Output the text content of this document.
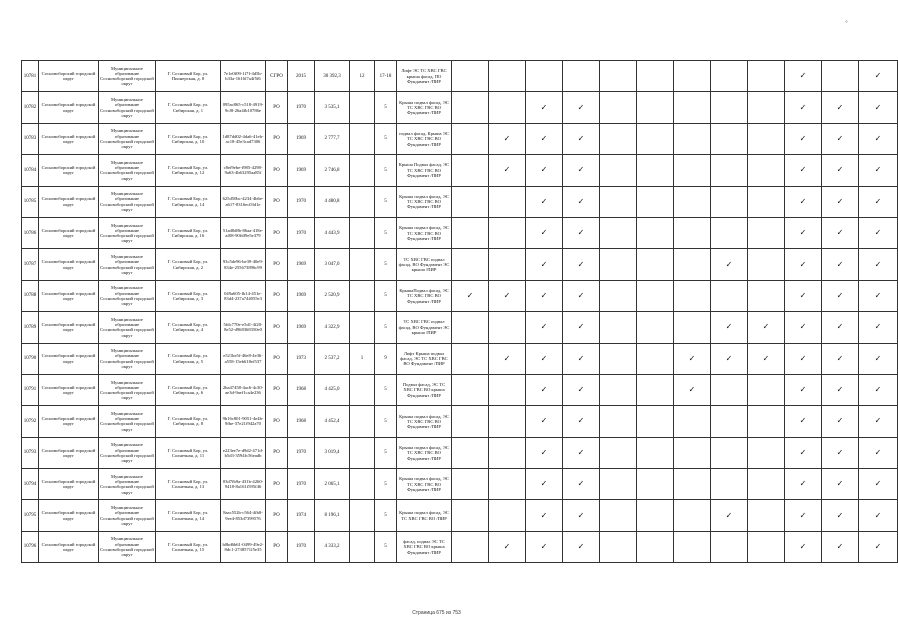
°
10781	Сосновоборский городской округ	Муниципальное образование Сосновоборский городской округ	Г. Сосновый Бор, ул. Пионерская, д. 8	7e1e0f09-1f7f-4d5b-b33a-1616f7a4f5f6	СГРО	2015	30 392,3	12	17-18	Лифт ЭС ТС ХВС ГВС крыша фасад, ПО Фундамент /ПИР										✓		✓
10782	Сосновоборский городской округ	Муниципальное образование Сосновоборский городской округ	Г. Сосновый Бор, ул. Сибирская, д. 1	095ac865-c518-4919-9cf8-26a4fb10786e	РО	1970	3 535,1		5	Крыша подвал фасад, ЭС ТС ХВС ГВС ВО Фундамент /ПИР			✓	✓						✓	✓	✓
10783	Сосновоборский городской округ	Муниципальное образование Сосновоборский городской округ	Г. Сосновый Бор, ул. Сибирская, д. 10	1d87dd02-4da6-41eb-ac18-45e3cad7306	РО	1969	2 777,7		5	подвал фасад, Крыша ЭС ТС ХВС ГВС ВО Фундамент /ПИР		✓	✓	✓						✓	✓	✓
10784	Сосновоборский городской округ	Муниципальное образование Сосновоборский городской округ	Г. Сосновый Бор, ул. Сибирская, д. 12	c8ef9ebe-f985-4298-9a63-4b63295aa85f	РО	1969	2 746,8		5	Крыша Подвал фасад, ЭС ТС ХВС ГВС ВО Фундамент /ПИР		✓	✓	✓						✓	✓	✓
10785	Сосновоборский городской округ	Муниципальное образование Сосновоборский городской округ	Г. Сосновый Бор, ул. Сибирская, д. 14	625d50bc-4234-4b6e-a617-8316ec03d1e	РО	1970	4 480,8		5	Крыша подвал фасад, ЭС ТС ХВС ГВС ВО Фундамент /ПИР			✓	✓						✓	✓	✓
10786	Сосновоборский городской округ	Муниципальное образование Сосновоборский городской округ	Г. Сосновый Бор, ул. Сибирская, д. 16	51ad8d8b-86aa-418e-af08-90fdf9e5e379	РО	1970	4 443,9		5	Крыша подвал фасад, ЭС ТС ХВС ГВС ВО Фундамент /ПИР			✓	✓						✓	✓	✓
10787	Сосновоборский городской округ	Муниципальное образование Сосновоборский городской округ	Г. Сосновый Бор, ул. Сибирская, д. 2	93c5de96-be39-40e9-834e-255673896c99	РО	1969	3 047,0		5	ТС ХВС ГВС подвал фасад, ВО Фундамент ЭС крыша /ПИР			✓	✓				✓		✓	✓	✓
10788	Сосновоборский городской округ	Муниципальное образование Сосновоборский городской округ	Г. Сосновый Бор, ул. Сибирская, д. 3	049a605-fb14-451e-83d4-237a744055e3	РО	1969	2 520,9		5	КрышаПодвал фасад, ЭС ТС ХВС ГВС ВО Фундамент /ПИР	✓	✓	✓	✓						✓	✓	✓
10789	Сосновоборский городской округ	Муниципальное образование Сосновоборский городской округ	Г. Сосновый Бор, ул. Сибирская, д. 4	5fdc770e-e5d1-4f20-8e52-d968368350e0	РО	1969	4 322,9		5	ТС ХВС ГВС подвал фасад, ВО Фундамент ЭС крыша /ПИР			✓	✓				✓	✓	✓	✓	✓
10790	Сосновоборский городской округ	Муниципальное образование Сосновоборский городской округ	Г. Сосновый Бор, ул. Сибирская, д. 5	e521be5f-46e8-4e36-a558-15eb618ef537	РО	1973	2 537,2	1	9	Лифт Крыша подвал фасад, ЭС ТС ХВС ГВС ВО Фундамент /ПИР		✓	✓	✓			✓	✓	✓	✓	✓	✓
10791	Сосновоборский городской округ	Муниципальное образование Сосновоборский городской округ	Г. Сосновый Бор, ул. Сибирская, д. 6	2ba47458-4ac6-4c30-ae3d-9aef1ca4e236	РО	1968	4 425,0		5	Подвал фасад, ЭС ТС ХВС ГВС ВО крыша Фундамент /ПИР			✓	✓			✓			✓	✓	✓
10792	Сосновоборский городской округ	Муниципальное образование Сосновоборский городской округ	Г. Сосновый Бор, ул. Сибирская, д. 8	9b16c801-9051-4e4b-9fbe-37e21f942a70	РО	1968	4 452,4		5	Крыша подвал фасад, ЭС ТС ХВС ГВС ВО Фундамент /ПИР			✓	✓						✓	✓	✓
10793	Сосновоборский городской округ	Муниципальное образование Сосновоборский городской округ	Г. Сосновый Бор, ул. Солнечная, д. 11	e223ee7e-d9d2-471d-b5d3-3594fc56eadb	РО	1970	3 019,4		5	Крыша подвал фасад, ЭС ТС ХВС ГВС ВО Фундамент /ПИР			✓	✓						✓	✓	✓
10794	Сосновоборский городской округ	Муниципальное образование Сосновоборский городской округ	Г. Сосновый Бор, ул. Солнечная, д. 13	03d7fb9a-431b-4260-9418-8a161f595f46	РО	1970	2 065,1		5	Крыша подвал фасад, ЭС ТС ХВС ГВС ВО Фундамент /ПИР			✓	✓						✓	✓	✓
10795	Сосновоборский городской округ	Муниципальное образование Сосновоборский городской округ	Г. Сосновый Бор, ул. Солнечная, д. 14	8aac552b-c564-4fb8-9ee4-853d7399576	РО	1974	8 196,1		5	Крыша подвал фасад, ЭС ТС ХВС ГВС ВО /ПИР			✓	✓				✓		✓	✓	✓
10796	Сосновоборский городской округ	Муниципальное образование Сосновоборский городской округ	Г. Сосновый Бор, ул. Солнечная, д. 15	b0bd6b61-0499-49e2-8dc1-2738571f5e35	РО	1970	4 333,2		5	фасад, подвал ЭС ТС ХВС ГВС ВО крыша Фундамент /ПИР		✓	✓	✓						✓	✓	✓
Страница 675 из 753
